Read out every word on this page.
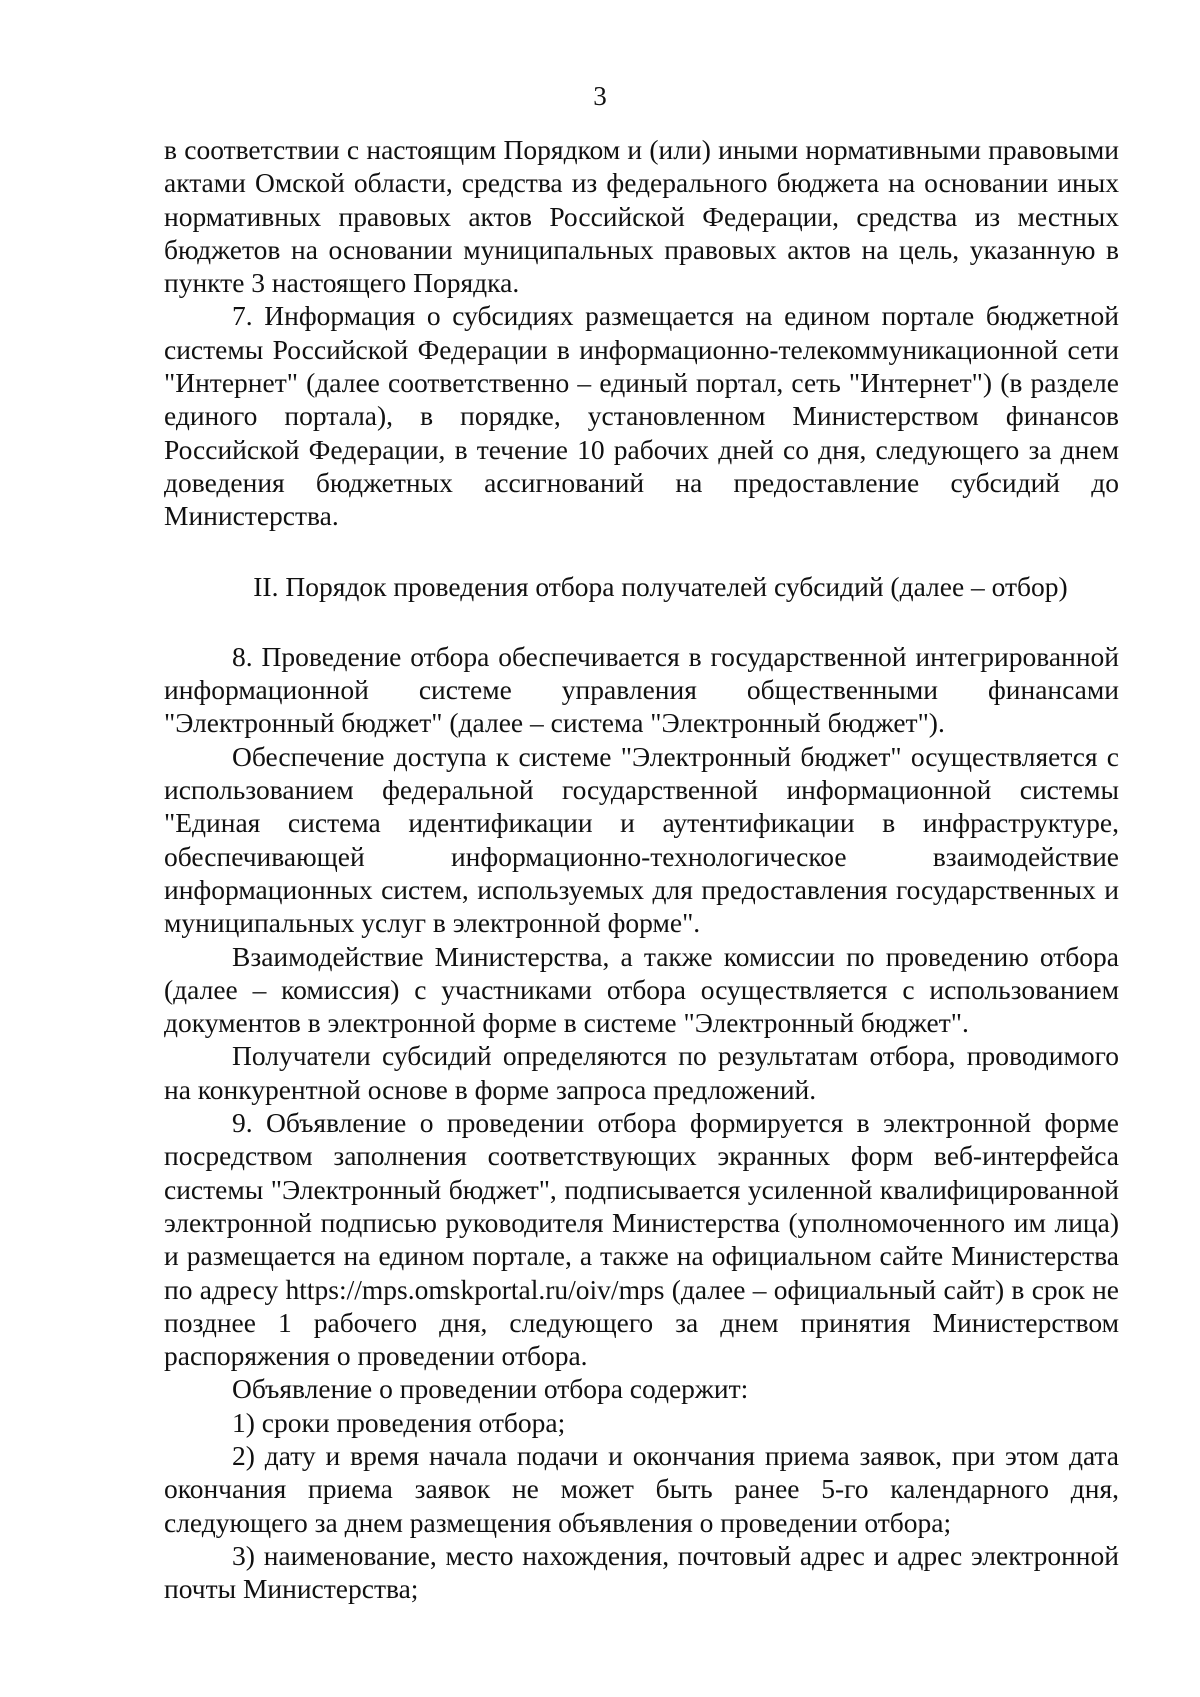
3

в соответствии с настоящим Порядком и (или) иными нормативными правовыми актами Омской области, средства из федерального бюджета на основании иных нормативных правовых актов Российской Федерации, средства из местных бюджетов на основании муниципальных правовых актов на цель, указанную в пункте 3 настоящего Порядка.

7. Информация о субсидиях размещается на едином портале бюджетной системы Российской Федерации в информационно-телекоммуникационной сети "Интернет" (далее соответственно – единый портал, сеть "Интернет") (в разделе единого портала), в порядке, установленном Министерством финансов Российской Федерации, в течение 10 рабочих дней со дня, следующего за днем доведения бюджетных ассигнований на предоставление субсидий до Министерства.

II. Порядок проведения отбора получателей субсидий (далее – отбор)

8. Проведение отбора обеспечивается в государственной интегрированной информационной системе управления общественными финансами "Электронный бюджет" (далее – система "Электронный бюджет").

Обеспечение доступа к системе "Электронный бюджет" осуществляется с использованием федеральной государственной информационной системы "Единая система идентификации и аутентификации в инфраструктуре, обеспечивающей информационно-технологическое взаимодействие информационных систем, используемых для предоставления государственных и муниципальных услуг в электронной форме".

Взаимодействие Министерства, а также комиссии по проведению отбора (далее – комиссия) с участниками отбора осуществляется с использованием документов в электронной форме в системе "Электронный бюджет".

Получатели субсидий определяются по результатам отбора, проводимого на конкурентной основе в форме запроса предложений.

9. Объявление о проведении отбора формируется в электронной форме посредством заполнения соответствующих экранных форм веб-интерфейса системы "Электронный бюджет", подписывается усиленной квалифицированной электронной подписью руководителя Министерства (уполномоченного им лица) и размещается на едином портале, а также на официальном сайте Министерства по адресу https://mps.omskportal.ru/oiv/mps (далее – официальный сайт) в срок не позднее 1 рабочего дня, следующего за днем принятия Министерством распоряжения о проведении отбора.

Объявление о проведении отбора содержит:

1) сроки проведения отбора;

2) дату и время начала подачи и окончания приема заявок, при этом дата окончания приема заявок не может быть ранее 5-го календарного дня, следующего за днем размещения объявления о проведении отбора;

3) наименование, место нахождения, почтовый адрес и адрес электронной почты Министерства;
